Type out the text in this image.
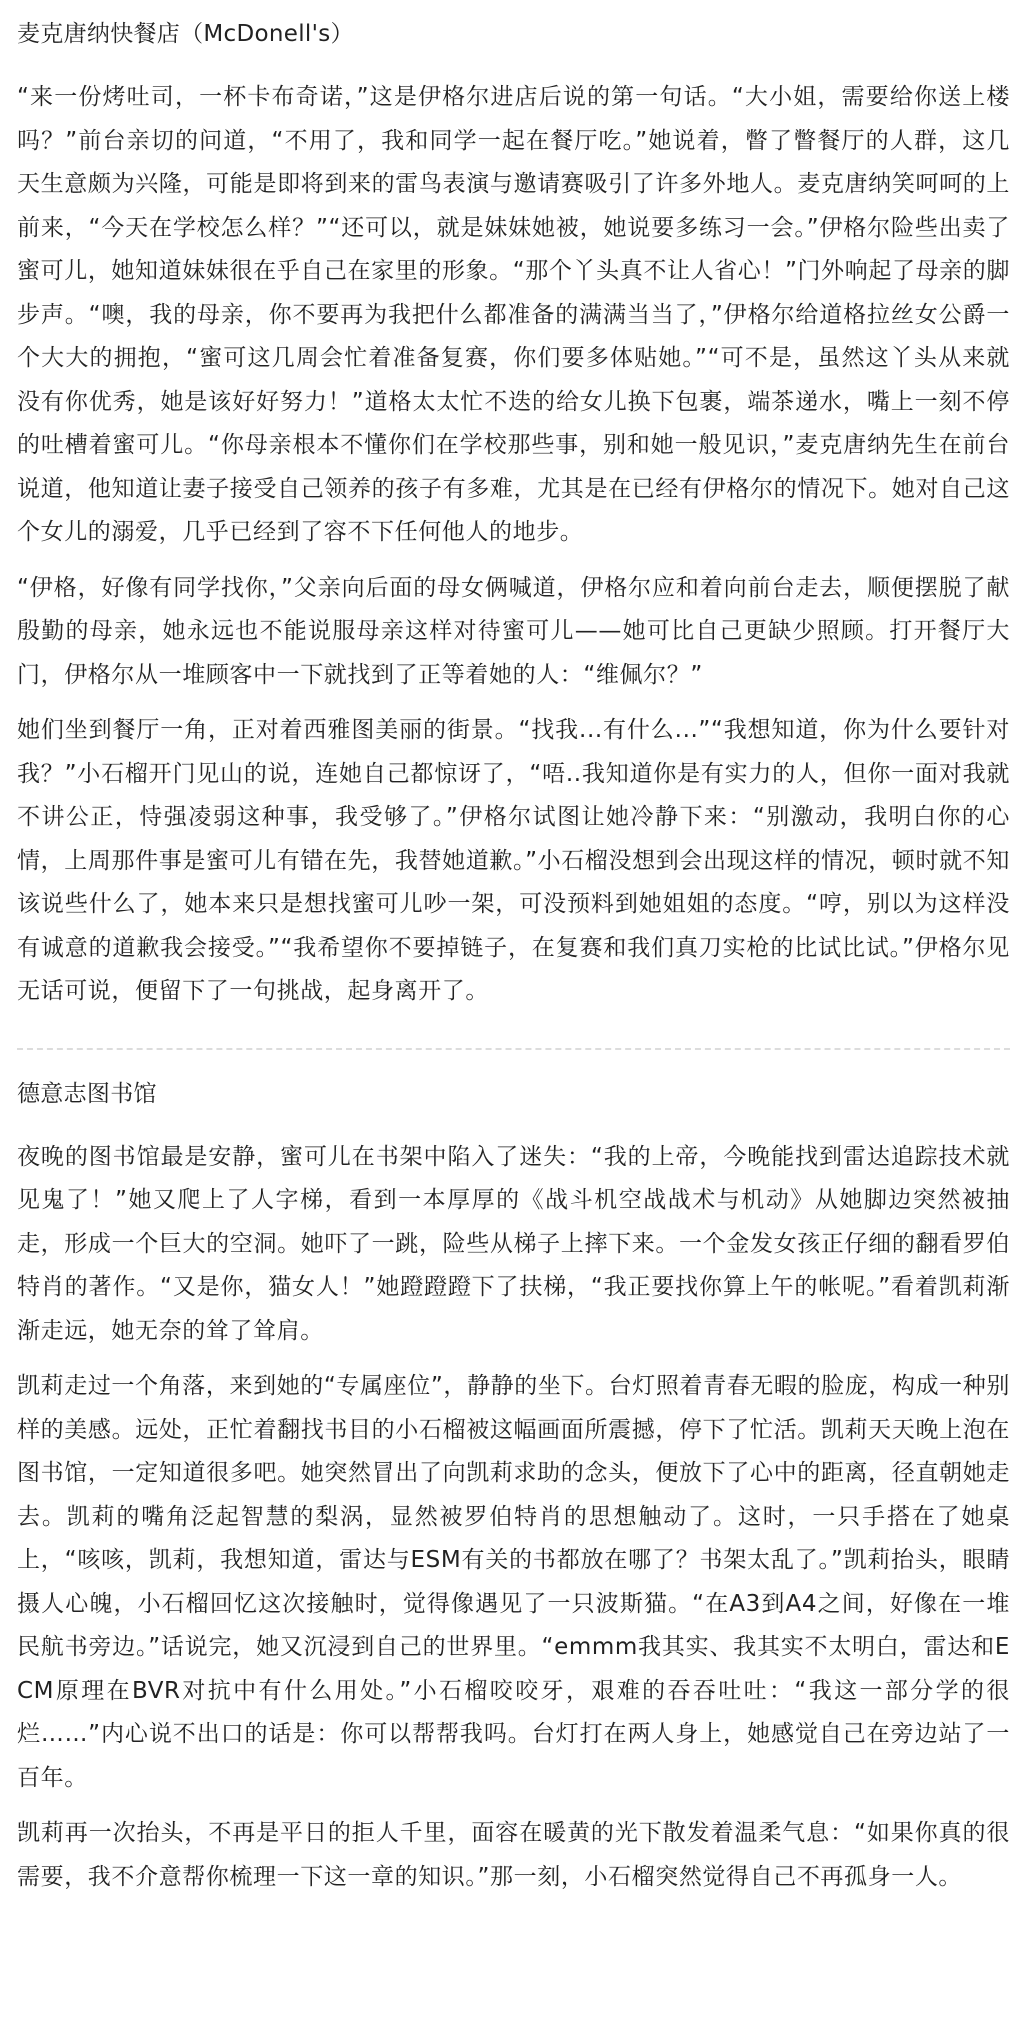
麦克唐纳快餐店（McDonell's）

“来一份烤吐司，一杯卡布奇诺，”这是伊格尔进店后说的第一句话。“大小姐，需要给你送上楼吗？”前台亲切的问道，“不用了，我和同学一起在餐厅吃。”她说着，瞥了瞥餐厅的人群，这几天生意颇为兴隆，可能是即将到来的雷鸟表演与邀请赛吸引了许多外地人。麦克唐纳笑呵呵的上前来，“今天在学校怎么样？”“还可以，就是妹妹她被，她说要多练习一会。”伊格尔险些出卖了蜜可儿，她知道妹妹很在乎自己在家里的形象。“那个丫头真不让人省心！”门外响起了母亲的脚步声。“噢，我的母亲，你不要再为我把什么都准备的满满当当了，”伊格尔给道格拉丝女公爵一个大大的拥抱，“蜜可这几周会忙着准备复赛，你们要多体贴她。”“可不是，虽然这丫头从来就没有你优秀，她是该好好努力！”道格太太忙不迭的给女儿换下包裹，端茶递水，嘴上一刻不停的吐槽着蜜可儿。“你母亲根本不懂你们在学校那些事，别和她一般见识，”麦克唐纳先生在前台说道，他知道让妻子接受自己领养的孩子有多难，尤其是在已经有伊格尔的情况下。她对自己这个女儿的溺爱，几乎已经到了容不下任何他人的地步。

“伊格，好像有同学找你，”父亲向后面的母女俩喊道，伊格尔应和着向前台走去，顺便摆脱了献殷勤的母亲，她永远也不能说服母亲这样对待蜜可儿——她可比自己更缺少照顾。打开餐厅大门，伊格尔从一堆顾客中一下就找到了正等着她的人：“维佩尔？”

她们坐到餐厅一角，正对着西雅图美丽的街景。“找我...有什么...”“我想知道，你为什么要针对我？”小石榴开门见山的说，连她自己都惊讶了，“唔..我知道你是有实力的人，但你一面对我就不讲公正，恃强凌弱这种事，我受够了。”伊格尔试图让她冷静下来：“别激动，我明白你的心情，上周那件事是蜜可儿有错在先，我替她道歉。”小石榴没想到会出现这样的情况，顿时就不知该说些什么了，她本来只是想找蜜可儿吵一架，可没预料到她姐姐的态度。“哼，别以为这样没有诚意的道歉我会接受。”“我希望你不要掉链子，在复赛和我们真刀实枪的比试比试。”伊格尔见无话可说，便留下了一句挑战，起身离开了。

德意志图书馆

夜晚的图书馆最是安静，蜜可儿在书架中陷入了迷失：“我的上帝，今晚能找到雷达追踪技术就见鬼了！”她又爬上了人字梯，看到一本厚厚的《战斗机空战战术与机动》从她脚边突然被抽走，形成一个巨大的空洞。她吓了一跳，险些从梯子上摔下来。一个金发女孩正仔细的翻看罗伯特肖的著作。“又是你，猫女人！”她蹬蹬蹬下了扶梯，“我正要找你算上午的帐呢。”看着凯莉渐渐走远，她无奈的耸了耸肩。

凯莉走过一个角落，来到她的“专属座位”，静静的坐下。台灯照着青春无暇的脸庞，构成一种别样的美感。远处，正忙着翻找书目的小石榴被这幅画面所震撼，停下了忙活。凯莉天天晚上泡在图书馆，一定知道很多吧。她突然冒出了向凯莉求助的念头，便放下了心中的距离，径直朝她走去。凯莉的嘴角泛起智慧的梨涡，显然被罗伯特肖的思想触动了。这时，一只手搭在了她桌上，“咳咳，凯莉，我想知道，雷达与ESM有关的书都放在哪了？书架太乱了。”凯莉抬头，眼睛摄人心魄，小石榴回忆这次接触时，觉得像遇见了一只波斯猫。“在A3到A4之间，好像在一堆民航书旁边。”话说完，她又沉浸到自己的世界里。“emmm我其实、我其实不太明白，雷达和ECM原理在BVR对抗中有什么用处。”小石榴咬咬牙，艰难的吞吞吐吐：“我这一部分学的很烂……”内心说不出口的话是：你可以帮帮我吗。台灯打在两人身上，她感觉自己在旁边站了一百年。

凯莉再一次抬头，不再是平日的拒人千里，面容在暖黄的光下散发着温柔气息：“如果你真的很需要，我不介意帮你梳理一下这一章的知识。”那一刻，小石榴突然觉得自己不再孤身一人。
